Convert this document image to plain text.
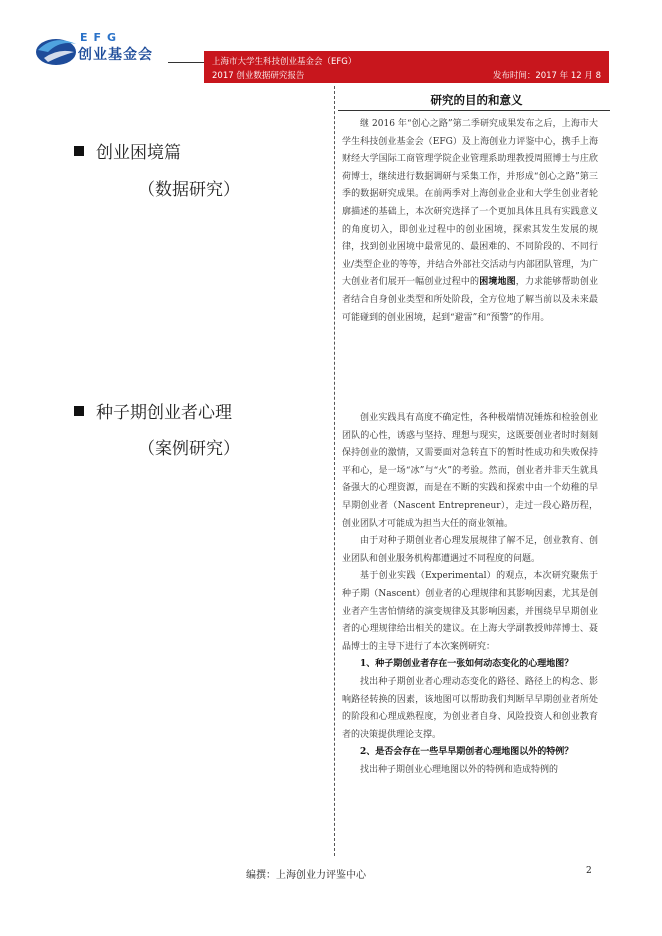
EFG
创业基金会	上海市大学生科技创业基金会（EFG）
2017 创业数据研究报告	发布时间：2017 年 12 月 8
创业困境篇
（数据研究）
种子期创业者心理
（案例研究）
研究的目的和意义

继 2016 年“创心之路”第二季研究成果发布之后，上海市大学生科技创业基金会（EFG）及上海创业力评鉴中心，携手上海财经大学国际工商管理学院企业管理系助理教授周照博士与庄欣荷博士，继续进行数据调研与采集工作，并形成“创心之路”第三季的数据研究成果。在前两季对上海创业企业和大学生创业者轮廓描述的基础上，本次研究选择了一个更加具体且具有实践意义的角度切入，即创业过程中的创业困境，探索其发生发展的规律，找到创业困境中最常见的、最困难的、不同阶段的、不同行业/类型企业的等等，并结合外部社交活动与内部团队管理，为广大创业者们展开一幅创业过程中的困境地图，力求能够帮助创业者结合自身创业类型和所处阶段，全方位地了解当前以及未来最可能碰到的创业困境，起到“避雷”和“预警”的作用。

创业实践具有高度不确定性，各种极端情况锤炼和检验创业团队的心性，诱惑与坚持、理想与现实，这既要创业者时时刻刻保持创业的激情，又需要面对急转直下的暂时性成功和失败保持平和心，是一场“冰”与“火”的考验。然而，创业者并非天生就具备强大的心理资源，而是在不断的实践和探索中由一个幼稚的早早期创业者（Nascent Entrepreneur），走过一段心路历程，创业团队才可能成为担当大任的商业领袖。

由于对种子期创业者心理发展规律了解不足，创业教育、创业团队和创业服务机构都遭遇过不同程度的问题。

基于创业实践（Experimental）的观点，本次研究聚焦于种子期（Nascent）创业者的心理规律和其影响因素，尤其是创业者产生害怕情绪的演变规律及其影响因素，并围绕早早期创业者的心理规律给出相关的建议。在上海大学副教授帅萍博士、聂晶博士的主导下进行了本次案例研究：

1、种子期创业者存在一张如何动态变化的心理地图？

找出种子期创业者心理动态变化的路径、路径上的构念、影响路径转换的因素，该地图可以帮助我们判断早早期创业者所处的阶段和心理成熟程度，为创业者自身、风险投资人和创业教育者的决策提供理论支撑。

2、是否会存在一些早早期创者心理地图以外的特例？

找出种子期创业心理地图以外的特例和造成特例的

编撰：上海创业力评鉴中心	2
